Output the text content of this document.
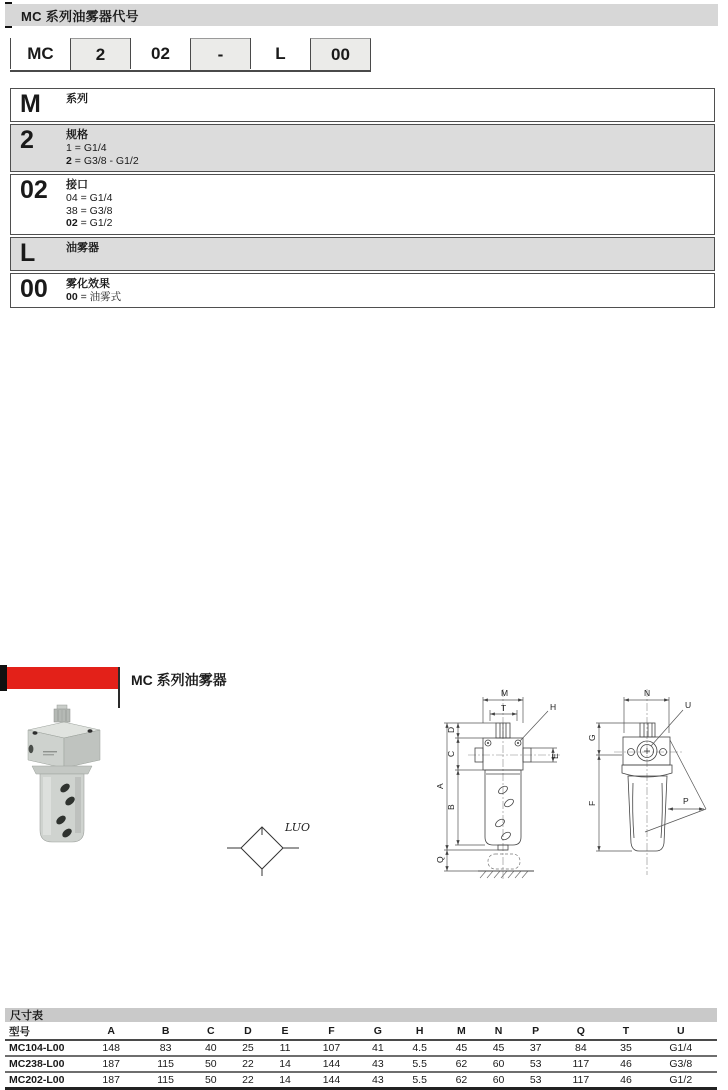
MC 系列油雾器代号
MC	2	02	-	L	00
M	系列
2	规格
1 = G1/4
2 = G3/8 - G1/2
02	接口
04 = G1/4
38 = G3/8
02 = G1/2
L	油雾器
00	雾化效果
00 = 油雾式
MC 系列油雾器
LUO
M
T	H
E
A
D
C
B
Q
N
U
G
F	P
尺寸表
型号	A	B	C	D	E	F	G	H	M	N	P	Q	T	U
MC104-L00	148	83	40	25	11	107	41	4.5	45	45	37	84	35	G1/4
MC238-L00	187	115	50	22	14	144	43	5.5	62	60	53	117	46	G3/8
MC202-L00	187	115	50	22	14	144	43	5.5	62	60	53	117	46	G1/2
